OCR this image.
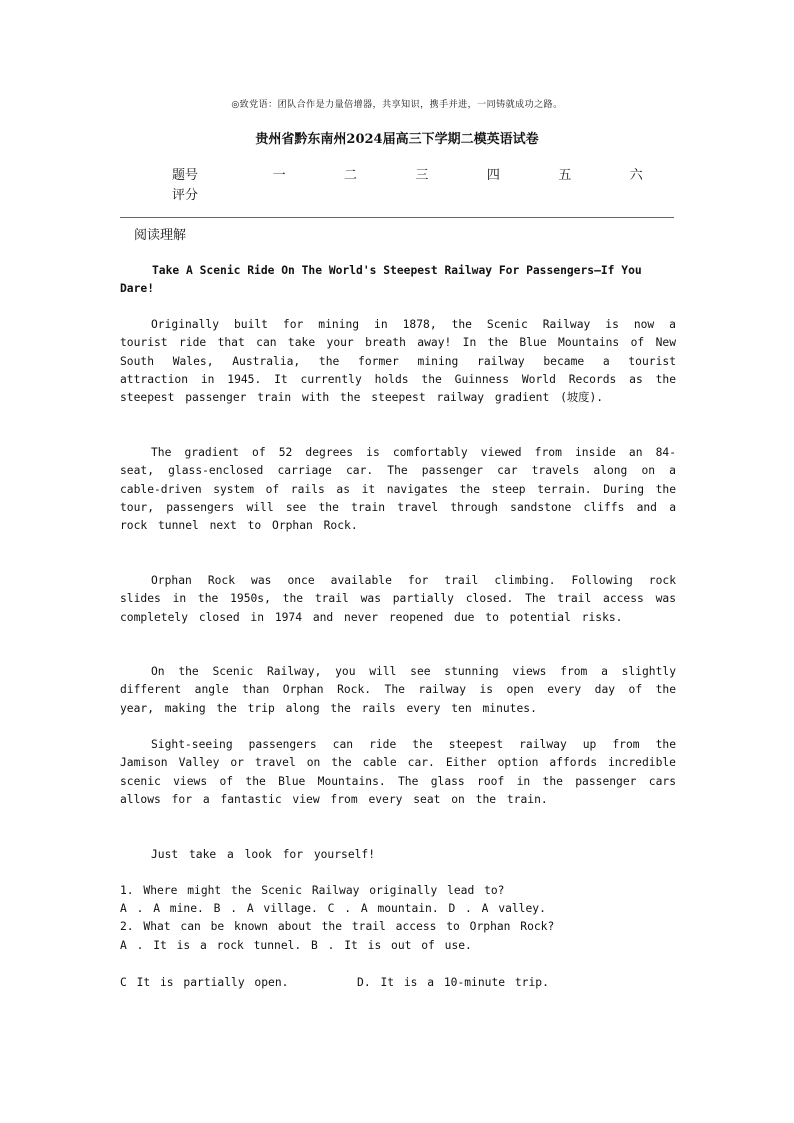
◎致党语：团队合作是力量倍增器，共享知识，携手并进，一同铸就成功之路。
贵州省黔东南州2024届高三下学期二模英语试卷
题号	一	二	三	四	五	六
评分						
阅读理解
Take A Scenic Ride On The World's Steepest Railway For Passengers—If You Dare!
Originally built for mining in 1878, the Scenic Railway is now a tourist ride that can take your breath away! In the Blue Mountains of New South Wales, Australia, the former mining railway became a tourist attraction in 1945. It currently holds the Guinness World Records as the steepest passenger train with the steepest railway gradient (坡度).
The gradient of 52 degrees is comfortably viewed from inside an 84-seat, glass-enclosed carriage car. The passenger car travels along on a cable-driven system of rails as it navigates the steep terrain. During the tour, passengers will see the train travel through sandstone cliffs and a rock tunnel next to Orphan Rock.
Orphan Rock was once available for trail climbing. Following rock slides in the 1950s, the trail was partially closed. The trail access was completely closed in 1974 and never reopened due to potential risks.
On the Scenic Railway, you will see stunning views from a slightly different angle than Orphan Rock. The railway is open every day of the year, making the trip along the rails every ten minutes.
Sight-seeing passengers can ride the steepest railway up from the Jamison Valley or travel on the cable car. Either option affords incredible scenic views of the Blue Mountains. The glass roof in the passenger cars allows for a fantastic view from every seat on the train.
Just take a look for yourself!
1. Where might the Scenic Railway originally lead to?
A . A mine. B . A village. C . A mountain. D . A valley.
2. What can be known about the trail access to Orphan Rock?
A . It is a rock tunnel. B . It is out of use.
C It is partially open.       D. It is a 10-minute trip.
